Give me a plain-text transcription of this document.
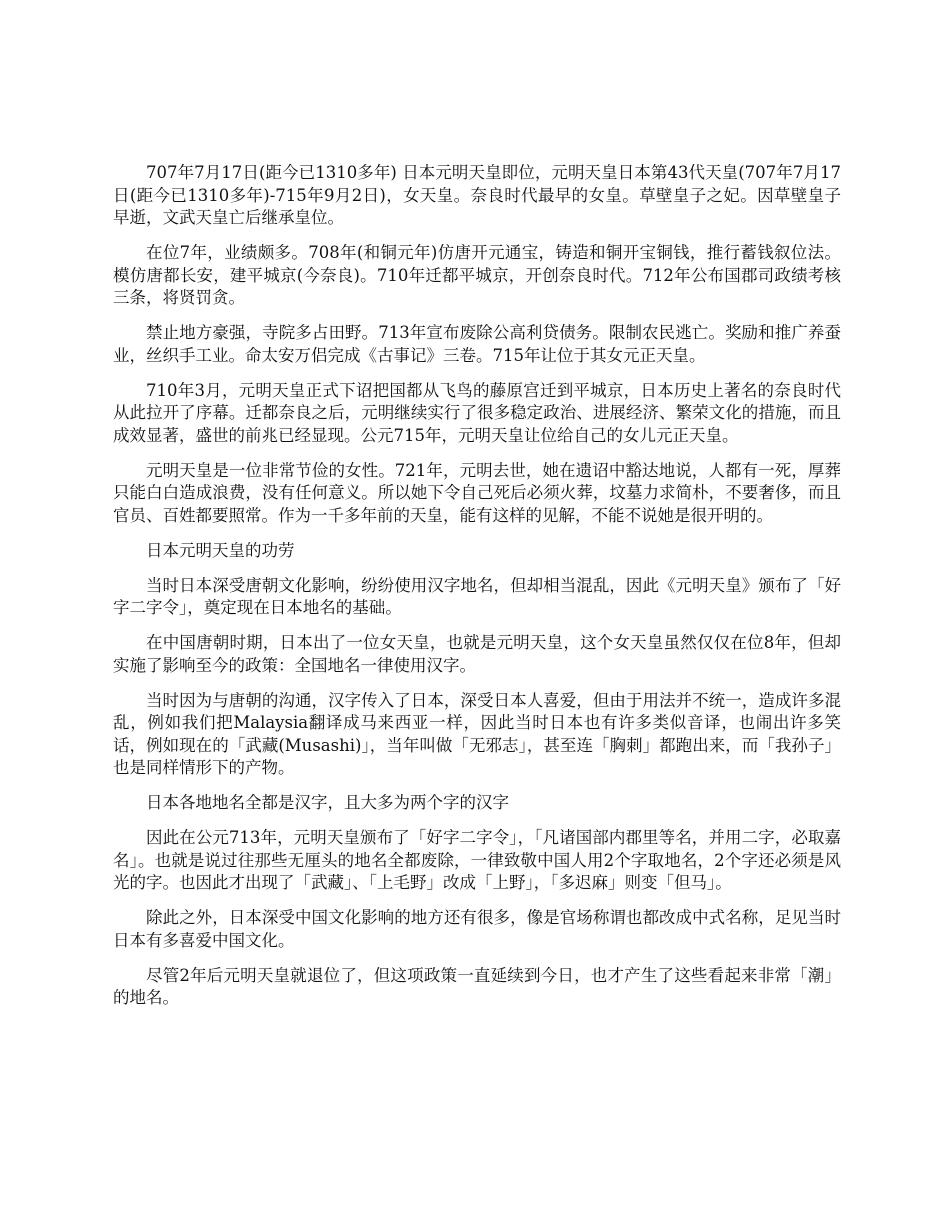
707年7月17日(距今已1310多年) 日本元明天皇即位，元明天皇日本第43代天皇(707年7月17日(距今已1310多年)-715年9月2日)，女天皇。奈良时代最早的女皇。草壁皇子之妃。因草壁皇子早逝，文武天皇亡后继承皇位。

在位7年，业绩颇多。708年(和铜元年)仿唐开元通宝，铸造和铜开宝铜钱，推行蓄钱叙位法。模仿唐都长安，建平城京(今奈良)。710年迁都平城京，开创奈良时代。712年公布国郡司政绩考核三条，将贤罚贪。

禁止地方豪强，寺院多占田野。713年宣布废除公高利贷债务。限制农民逃亡。奖励和推广养蚕业，丝织手工业。命太安万侣完成《古事记》三卷。715年让位于其女元正天皇。

710年3月，元明天皇正式下诏把国都从飞鸟的藤原宫迁到平城京，日本历史上著名的奈良时代从此拉开了序幕。迁都奈良之后，元明继续实行了很多稳定政治、进展经济、繁荣文化的措施，而且成效显著，盛世的前兆已经显现。公元715年，元明天皇让位给自己的女儿元正天皇。

元明天皇是一位非常节俭的女性。721年，元明去世，她在遗诏中豁达地说，人都有一死，厚葬只能白白造成浪费，没有任何意义。所以她下令自己死后必须火葬，坟墓力求简朴，不要奢侈，而且官员、百姓都要照常。作为一千多年前的天皇，能有这样的见解，不能不说她是很开明的。

日本元明天皇的功劳

当时日本深受唐朝文化影响，纷纷使用汉字地名，但却相当混乱，因此《元明天皇》颁布了「好字二字令」，奠定现在日本地名的基础。

在中国唐朝时期，日本出了一位女天皇，也就是元明天皇，这个女天皇虽然仅仅在位8年，但却实施了影响至今的政策：全国地名一律使用汉字。

当时因为与唐朝的沟通，汉字传入了日本，深受日本人喜爱，但由于用法并不统一，造成许多混乱，例如我们把Malaysia翻译成马来西亚一样，因此当时日本也有许多类似音译，也闹出许多笑话，例如现在的「武藏(Musashi)」，当年叫做「无邪志」，甚至连「胸刺」都跑出来，而「我孙子」也是同样情形下的产物。

日本各地地名全都是汉字，且大多为两个字的汉字

因此在公元713年，元明天皇颁布了「好字二字令」，「凡诸国部内郡里等名，并用二字，必取嘉名」。也就是说过往那些无厘头的地名全都废除，一律致敬中国人用2个字取地名，2个字还必须是风光的字。也因此才出现了「武藏」、「上毛野」改成「上野」，「多迟麻」则变「但马」。

除此之外，日本深受中国文化影响的地方还有很多，像是官场称谓也都改成中式名称，足见当时日本有多喜爱中国文化。

尽管2年后元明天皇就退位了，但这项政策一直延续到今日，也才产生了这些看起来非常「潮」的地名。
